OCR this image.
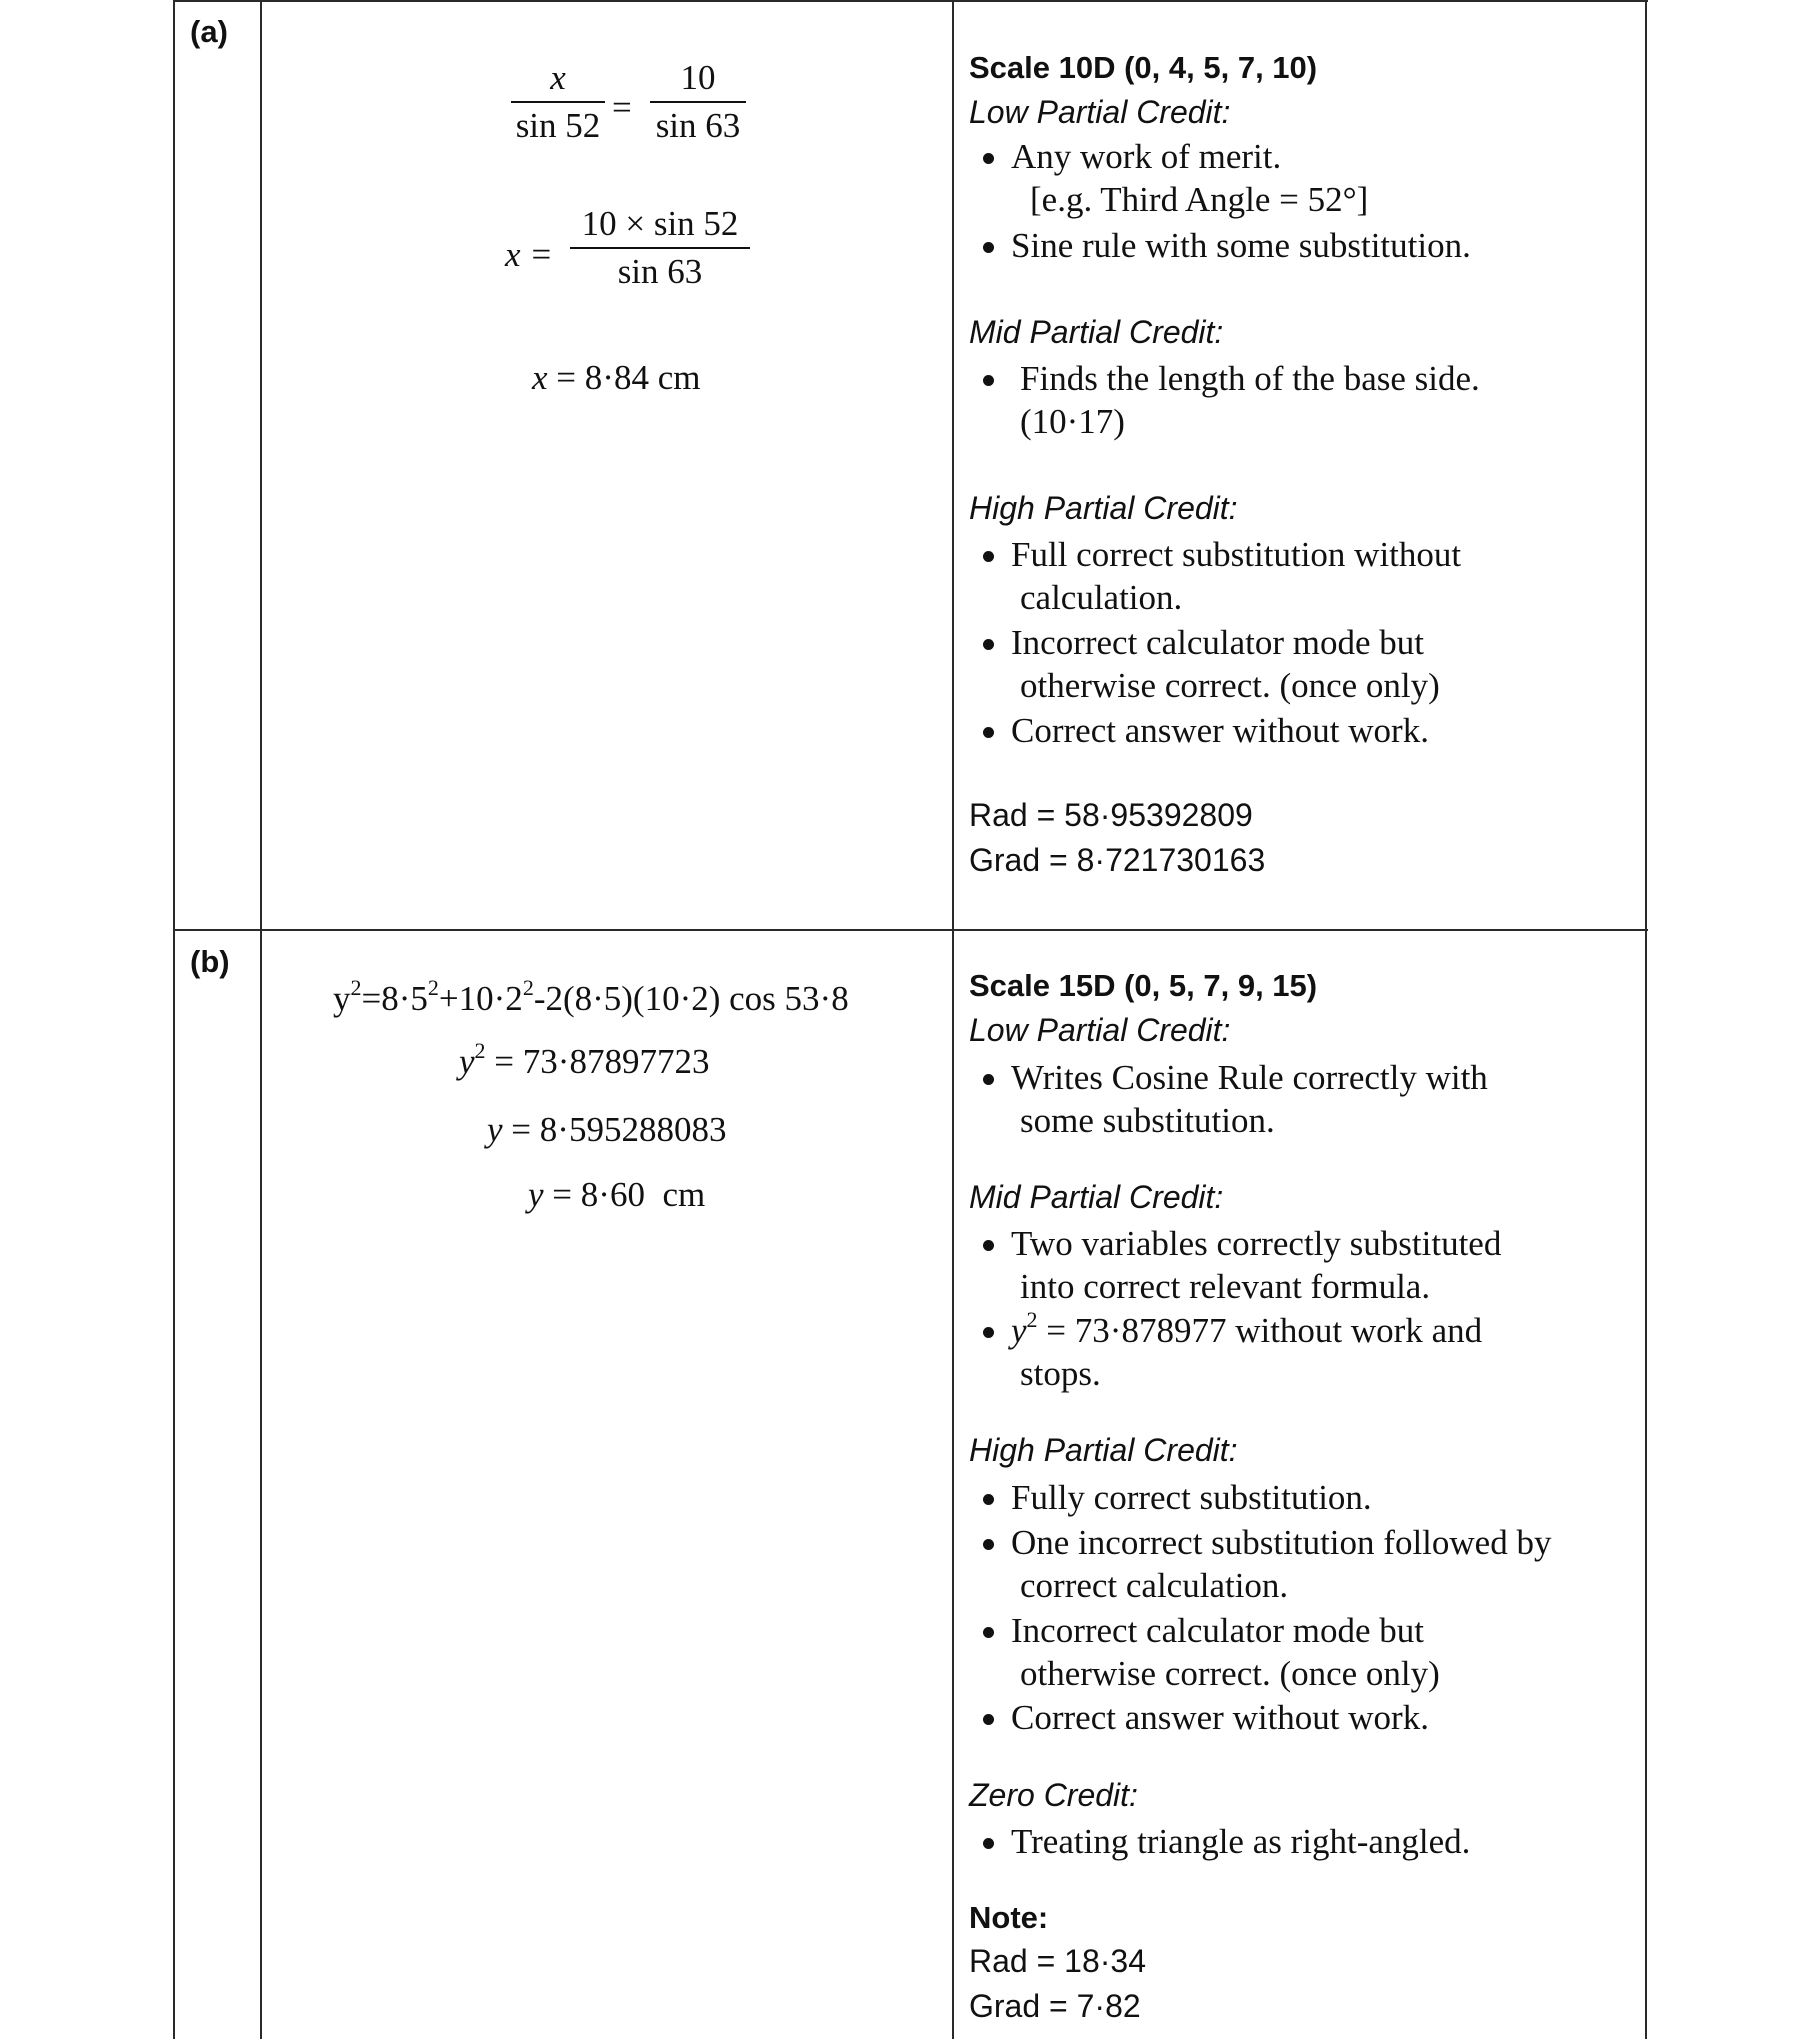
(a)
x
sin 52 =
10
sin 63
x =
10 × sin 52
sin 63
x = 8·84 cm
Scale 10D (0, 4, 5, 7, 10)
Low Partial Credit:
Any work of merit.
[e.g. Third Angle = 52°]
Sine rule with some substitution.
Mid Partial Credit:
Finds the length of the base side.
(10·17)
High Partial Credit:
Full correct substitution without
calculation.
Incorrect calculator mode but
otherwise correct. (once only)
Correct answer without work.
Rad = 58·95392809
Grad = 8·721730163
(b)
$y^2=8\cdot 5^2+10\cdot 2^2-2(8\cdot 5)(10\cdot 2)$ cos 53·8
$y^2 = 73\cdot 87897723$
y = 8·595288083
y = 8·60  cm
Scale 15D (0, 5, 7, 9, 15)
Low Partial Credit:
Writes Cosine Rule correctly with
some substitution.
Mid Partial Credit:
Two variables correctly substituted
into correct relevant formula.
$y^2 = 73\cdot 878977$ without work and
stops.
High Partial Credit:
Fully correct substitution.
One incorrect substitution followed by
correct calculation.
Incorrect calculator mode but
otherwise correct. (once only)
Correct answer without work.
Zero Credit:
Treating triangle as right-angled.
Note:
Rad = 18·34
Grad = 7·82
